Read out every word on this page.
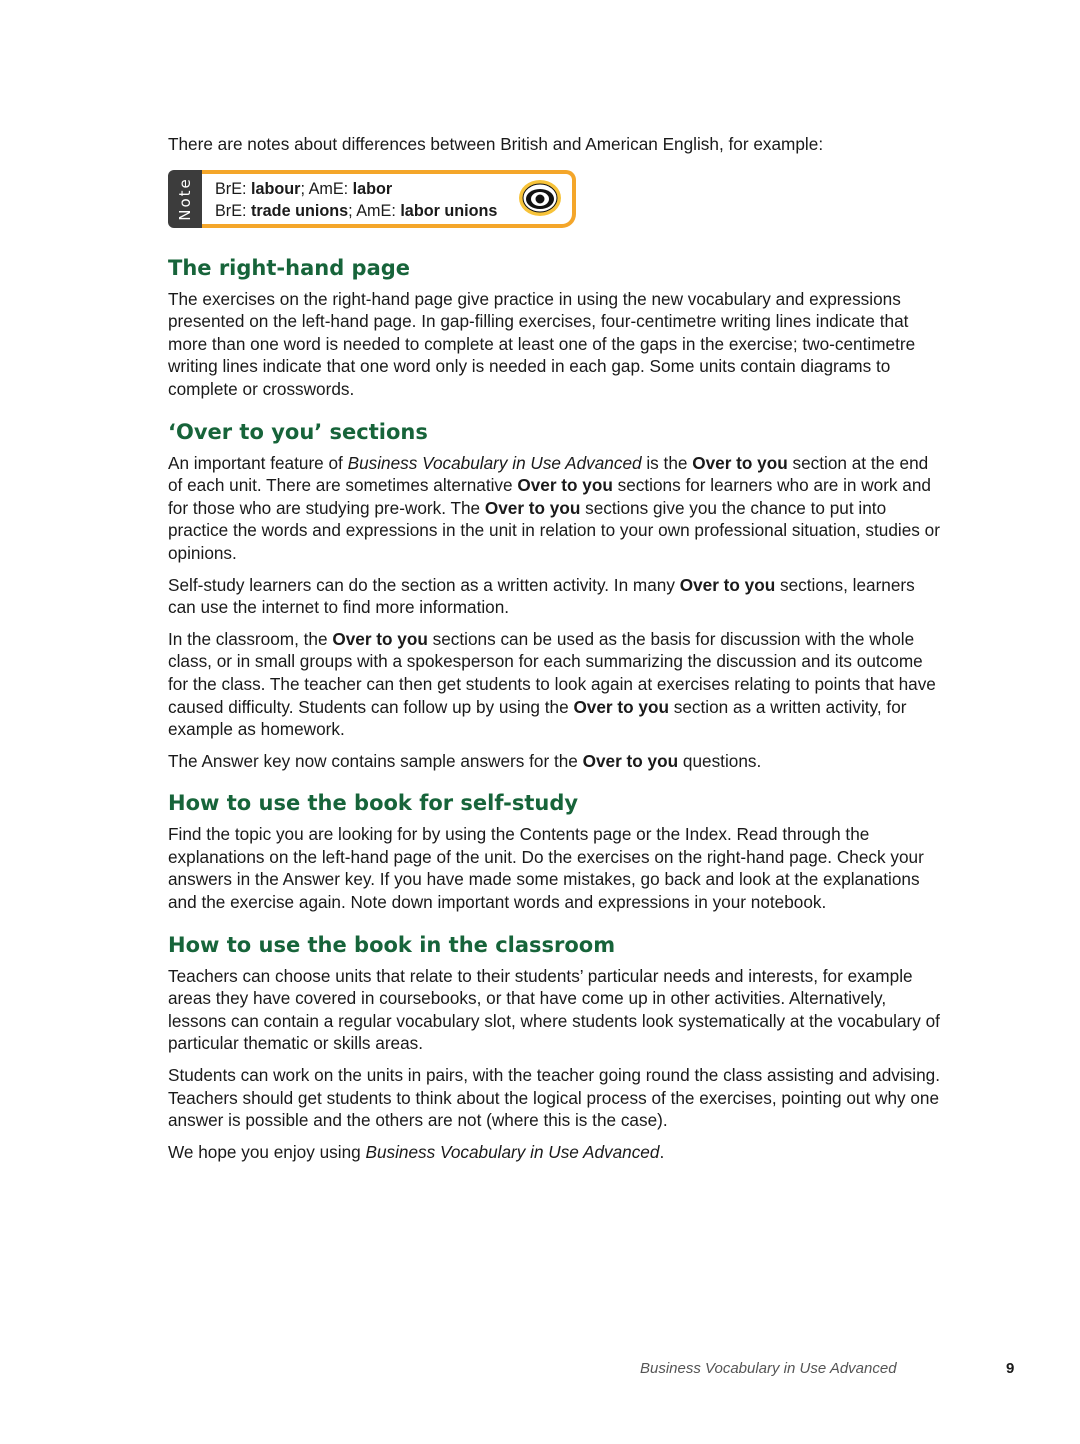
There are notes about differences between British and American English, for example:

Note BrE: labour; AmE: labor
BrE: trade unions; AmE: labor unions
The right-hand page

The exercises on the right-hand page give practice in using the new vocabulary and expressions presented on the left-hand page. In gap-filling exercises, four-centimetre writing lines indicate that more than one word is needed to complete at least one of the gaps in the exercise; two-centimetre writing lines indicate that one word only is needed in each gap. Some units contain diagrams to complete or crosswords.

‘Over to you’ sections

An important feature of Business Vocabulary in Use Advanced is the Over to you section at the end of each unit. There are sometimes alternative Over to you sections for learners who are in work and for those who are studying pre-work. The Over to you sections give you the chance to put into practice the words and expressions in the unit in relation to your own professional situation, studies or opinions.

Self-study learners can do the section as a written activity. In many Over to you sections, learners can use the internet to find more information.

In the classroom, the Over to you sections can be used as the basis for discussion with the whole class, or in small groups with a spokesperson for each summarizing the discussion and its outcome for the class. The teacher can then get students to look again at exercises relating to points that have caused difficulty. Students can follow up by using the Over to you section as a written activity, for example as homework.

The Answer key now contains sample answers for the Over to you questions.

How to use the book for self-study

Find the topic you are looking for by using the Contents page or the Index. Read through the explanations on the left-hand page of the unit. Do the exercises on the right-hand page. Check your answers in the Answer key. If you have made some mistakes, go back and look at the explanations and the exercise again. Note down important words and expressions in your notebook.

How to use the book in the classroom

Teachers can choose units that relate to their students’ particular needs and interests, for example areas they have covered in coursebooks, or that have come up in other activities. Alternatively, lessons can contain a regular vocabulary slot, where students look systematically at the vocabulary of particular thematic or skills areas.

Students can work on the units in pairs, with the teacher going round the class assisting and advising. Teachers should get students to think about the logical process of the exercises, pointing out why one answer is possible and the others are not (where this is the case).

We hope you enjoy using Business Vocabulary in Use Advanced.

Business Vocabulary in Use Advanced	9
